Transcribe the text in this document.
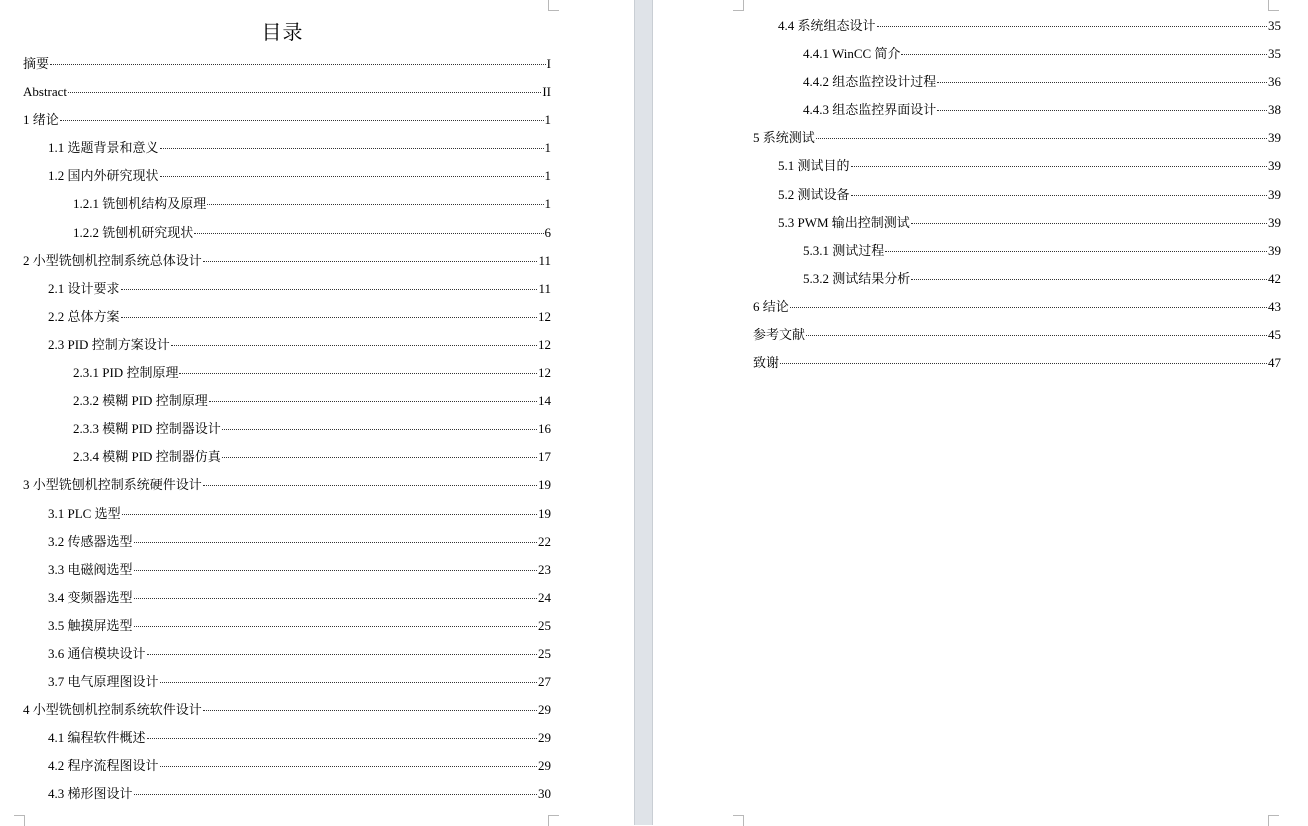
目录
摘要	I
Abstract	II
1 绪论	1
1.1 选题背景和意义	1
1.2 国内外研究现状	1
1.2.1 铣刨机结构及原理	1
1.2.2 铣刨机研究现状	6
2 小型铣刨机控制系统总体设计	11
2.1 设计要求	11
2.2 总体方案	12
2.3 PID 控制方案设计	12
2.3.1 PID 控制原理	12
2.3.2 模糊 PID 控制原理	14
2.3.3 模糊 PID 控制器设计	16
2.3.4 模糊 PID 控制器仿真	17
3 小型铣刨机控制系统硬件设计	19
3.1 PLC 选型	19
3.2 传感器选型	22
3.3 电磁阀选型	23
3.4 变频器选型	24
3.5 触摸屏选型	25
3.6 通信模块设计	25
3.7 电气原理图设计	27
4 小型铣刨机控制系统软件设计	29
4.1 编程软件概述	29
4.2 程序流程图设计	29
4.3 梯形图设计	30
4.4 系统组态设计	35
4.4.1 WinCC 简介	35
4.4.2 组态监控设计过程	36
4.4.3 组态监控界面设计	38
5 系统测试	39
5.1 测试目的	39
5.2 测试设备	39
5.3 PWM 输出控制测试	39
5.3.1 测试过程	39
5.3.2 测试结果分析	42
6 结论	43
参考文献	45
致谢	47
